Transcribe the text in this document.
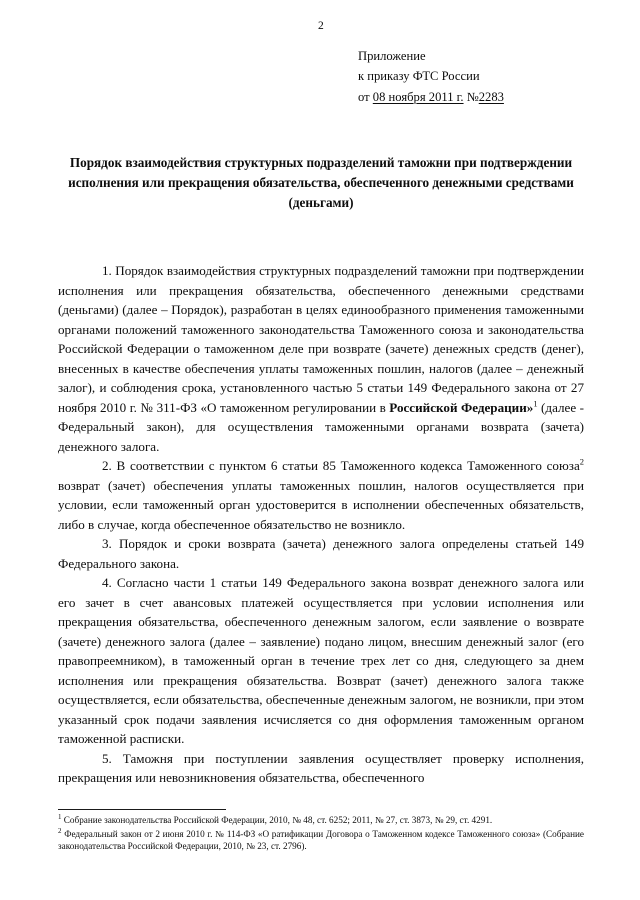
2
Приложение
к приказу ФТС России
от 08 ноября 2011 г. №2283
Порядок взаимодействия структурных подразделений таможни при подтверждении исполнения или прекращения обязательства, обеспеченного денежными средствами (деньгами)

1. Порядок взаимодействия структурных подразделений таможни при подтверждении исполнения или прекращения обязательства, обеспеченного денежными средствами (деньгами) (далее – Порядок), разработан в целях единообразного применения таможенными органами положений таможенного законодательства Таможенного союза и законодательства Российской Федерации о таможенном деле при возврате (зачете) денежных средств (денег), внесенных в качестве обеспечения уплаты таможенных пошлин, налогов (далее – денежный залог), и соблюдения срока, установленного частью 5 статьи 149 Федерального закона от 27 ноября 2010 г. № 311-ФЗ «О таможенном регулировании в Российской Федерации»$^1$ (далее - Федеральный закон), для осуществления таможенными органами возврата (зачета) денежного залога.

2. В соответствии с пунктом 6 статьи 85 Таможенного кодекса Таможенного союза$^2$ возврат (зачет) обеспечения уплаты таможенных пошлин, налогов осуществляется при условии, если таможенный орган удостоверится в исполнении обеспеченных обязательств, либо в случае, когда обеспеченное обязательство не возникло.

3. Порядок и сроки возврата (зачета) денежного залога определены статьей 149 Федерального закона.

4. Согласно части 1 статьи 149 Федерального закона возврат денежного залога или его зачет в счет авансовых платежей осуществляется при условии исполнения или прекращения обязательства, обеспеченного денежным залогом, если заявление о возврате (зачете) денежного залога (далее – заявление) подано лицом, внесшим денежный залог (его правопреемником), в таможенный орган в течение трех лет со дня, следующего за днем исполнения или прекращения обязательства. Возврат (зачет) денежного залога также осуществляется, если обязательства, обеспеченные денежным залогом, не возникли, при этом указанный срок подачи заявления исчисляется со дня оформления таможенным органом таможенной расписки.

5. Таможня при поступлении заявления осуществляет проверку исполнения, прекращения или невозникновения обязательства, обеспеченного

$^1$ Собрание законодательства Российской Федерации, 2010, № 48, ст. 6252; 2011, № 27, ст. 3873, № 29, ст. 4291.

$^2$ Федеральный закон от 2 июня 2010 г. № 114-ФЗ «О ратификации Договора о Таможенном кодексе Таможенного союза» (Собрание законодательства Российской Федерации, 2010, № 23, ст. 2796).
